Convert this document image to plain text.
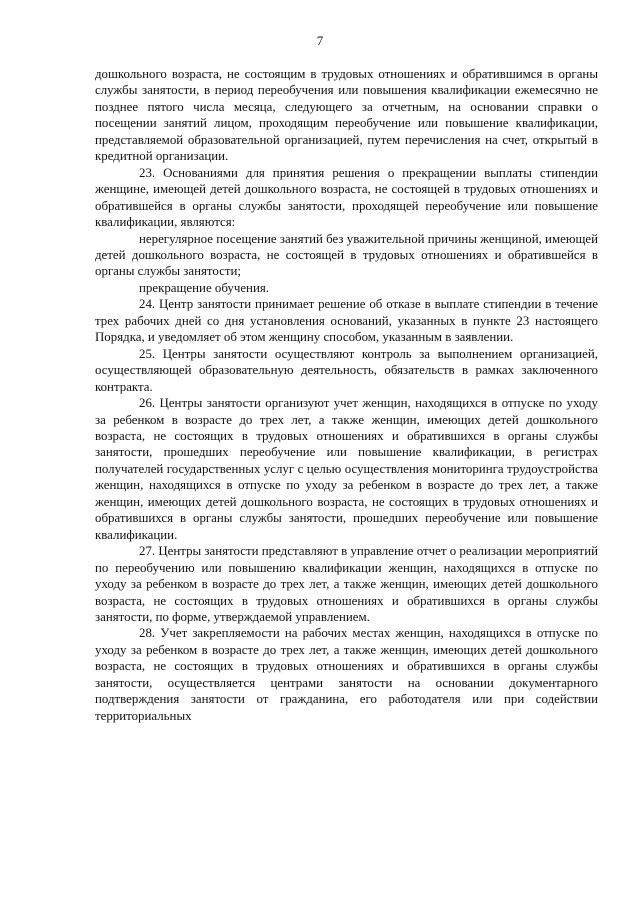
7

дошкольного возраста, не состоящим в трудовых отношениях и обратившимся в органы службы занятости, в период переобучения или повышения квалификации ежемесячно не позднее пятого числа месяца, следующего за отчетным, на основании справки о посещении занятий лицом, проходящим переобучение или повышение квалификации, представляемой образовательной организацией, путем перечисления на счет, открытый в кредитной организации.

23. Основаниями для принятия решения о прекращении выплаты стипендии женщине, имеющей детей дошкольного возраста, не состоящей в трудовых отношениях и обратившейся в органы службы занятости, проходящей переобучение или повышение квалификации, являются:

нерегулярное посещение занятий без уважительной причины женщиной, имеющей детей дошкольного возраста, не состоящей в трудовых отношениях и обратившейся в органы службы занятости;

прекращение обучения.

24. Центр занятости принимает решение об отказе в выплате стипендии в течение трех рабочих дней со дня установления оснований, указанных в пункте 23 настоящего Порядка, и уведомляет об этом женщину способом, указанным в заявлении.

25. Центры занятости осуществляют контроль за выполнением организацией, осуществляющей образовательную деятельность, обязательств в рамках заключенного контракта.

26. Центры занятости организуют учет женщин, находящихся в отпуске по уходу за ребенком в возрасте до трех лет, а также женщин, имеющих детей дошкольного возраста, не состоящих в трудовых отношениях и обратившихся в органы службы занятости, прошедших переобучение или повышение квалификации, в регистрах получателей государственных услуг с целью осуществления мониторинга трудоустройства женщин, находящихся в отпуске по уходу за ребенком в возрасте до трех лет, а также женщин, имеющих детей дошкольного возраста, не состоящих в трудовых отношениях и обратившихся в органы службы занятости, прошедших переобучение или повышение квалификации.

27. Центры занятости представляют в управление отчет о реализации мероприятий по переобучению или повышению квалификации женщин, находящихся в отпуске по уходу за ребенком в возрасте до трех лет, а также женщин, имеющих детей дошкольного возраста, не состоящих в трудовых отношениях и обратившихся в органы службы занятости, по форме, утверждаемой управлением.

28. Учет закрепляемости на рабочих местах женщин, находящихся в отпуске по уходу за ребенком в возрасте до трех лет, а также женщин, имеющих детей дошкольного возраста, не состоящих в трудовых отношениях и обратившихся в органы службы занятости, осуществляется центрами занятости на основании документарного подтверждения занятости от гражданина, его работодателя или при содействии территориальных
